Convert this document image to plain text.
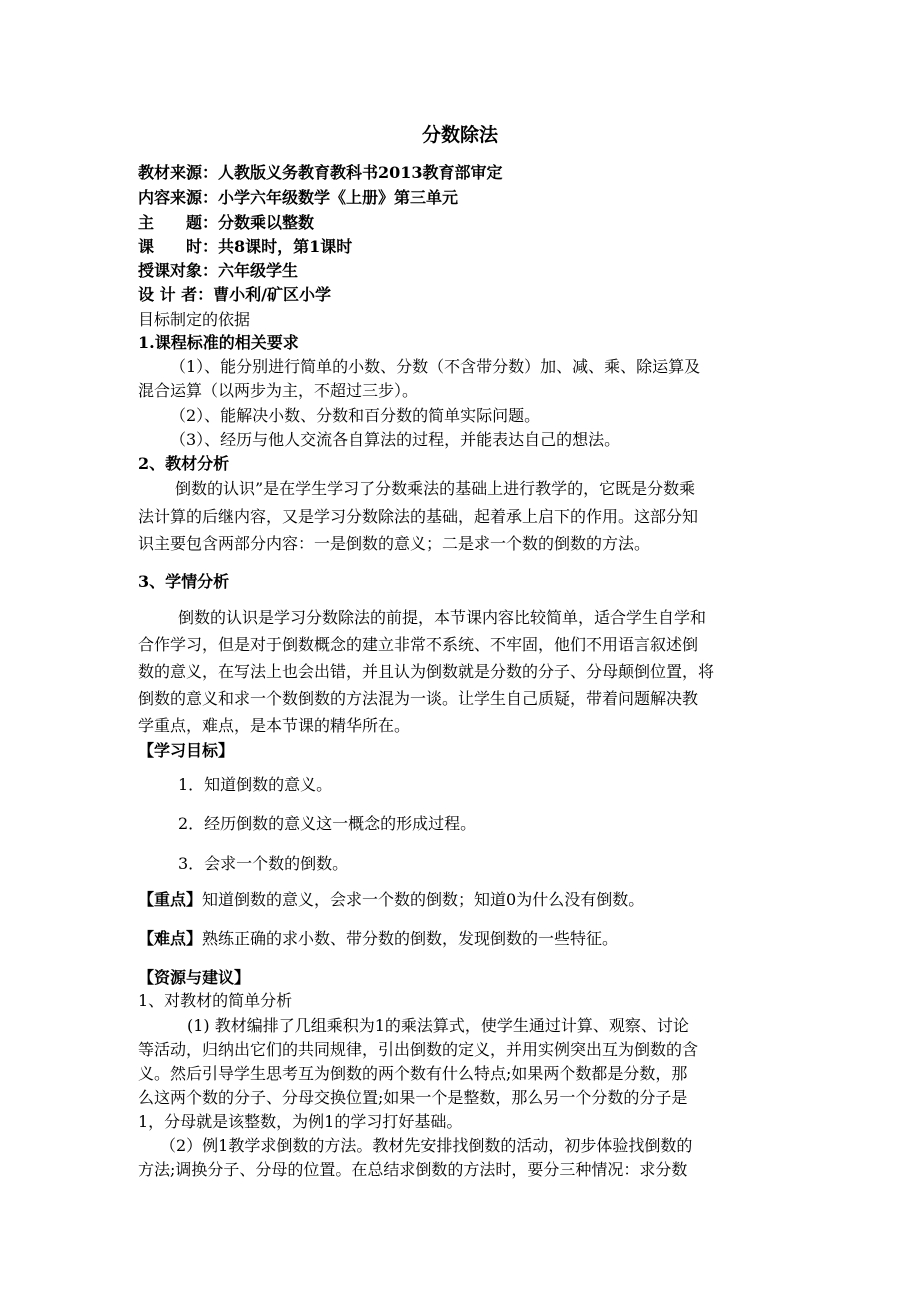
分数除法
教材来源：人教版义务教育教科书2013教育部审定
内容来源：小学六年级数学《上册》第三单元
主　　题：分数乘以整数
课　　时：共8课时，第1课时
授课对象：六年级学生
设 计 者：曹小利/矿区小学
目标制定的依据
1.课程标准的相关要求
（1）、能分别进行简单的小数、分数（不含带分数）加、减、乘、除运算及
混合运算（以两步为主，不超过三步）。
（2）、能解决小数、分数和百分数的简单实际问题。
（3）、经历与他人交流各自算法的过程，并能表达自己的想法。
2、教材分析
倒数的认识”是在学生学习了分数乘法的基础上进行教学的，它既是分数乘
法计算的后继内容，又是学习分数除法的基础，起着承上启下的作用。这部分知
识主要包含两部分内容：一是倒数的意义；二是求一个数的倒数的方法。
3、学情分析
倒数的认识是学习分数除法的前提，本节课内容比较简单，适合学生自学和
合作学习，但是对于倒数概念的建立非常不系统、不牢固，他们不用语言叙述倒
数的意义，在写法上也会出错，并且认为倒数就是分数的分子、分母颠倒位置，将
倒数的意义和求一个数倒数的方法混为一谈。让学生自己质疑，带着问题解决教
学重点，难点，是本节课的精华所在。
【学习目标】
1．知道倒数的意义。
2．经历倒数的意义这一概念的形成过程。
3．会求一个数的倒数。
【重点】知道倒数的意义，会求一个数的倒数；知道0为什么没有倒数。
【难点】熟练正确的求小数、带分数的倒数，发现倒数的一些特征。
【资源与建议】
1、对教材的简单分析
(1) 教材编排了几组乘积为1的乘法算式，使学生通过计算、观察、讨论
等活动，归纳出它们的共同规律，引出倒数的定义，并用实例突出互为倒数的含
义。然后引导学生思考互为倒数的两个数有什么特点;如果两个数都是分数，那
么这两个数的分子、分母交换位置;如果一个是整数，那么另一个分数的分子是
1，分母就是该整数，为例1的学习打好基础。
（2）例1教学求倒数的方法。教材先安排找倒数的活动，初步体验找倒数的
方法;调换分子、分母的位置。在总结求倒数的方法时，要分三种情况：求分数
